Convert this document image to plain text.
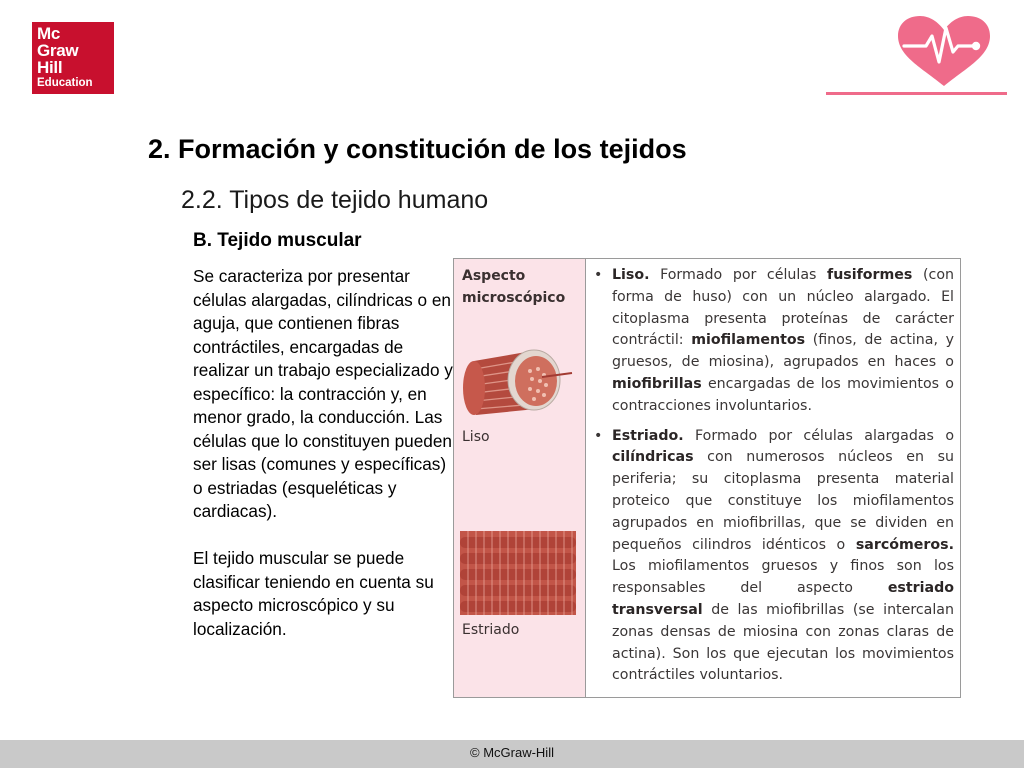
Mc
Graw
Hill
Education
2. Formación y constitución de los tejidos
2.2. Tipos de tejido humano
B. Tejido muscular

Se caracteriza por presentar células alargadas, cilíndricas o en aguja, que contienen fibras contráctiles, encargadas de realizar un trabajo especializado y específico: la contracción y, en menor grado, la conducción. Las células que lo constituyen pueden ser lisas (comunes y específicas) o estriadas (esqueléticas y cardiacas).

El tejido muscular se puede clasificar teniendo en cuenta su aspecto microscópico y su localización.

Aspecto
microscópico
Liso
Estriado
• Liso. Formado por células fusiformes (con forma de huso) con un núcleo alargado. El citoplasma presenta proteínas de carácter contráctil: miofilamentos (finos, de actina, y gruesos, de miosina), agrupados en haces o miofibrillas encargadas de los movimientos o contracciones involuntarios.
• Estriado. Formado por células alargadas o cilíndricas con numerosos núcleos en su periferia; su citoplasma presenta material proteico que constituye los miofilamentos agrupados en miofibrillas, que se dividen en pequeños cilindros idénticos o sarcómeros. Los miofilamentos gruesos y finos son los responsables del aspecto estriado transversal de las miofibrillas (se intercalan zonas densas de miosina con zonas claras de actina). Son los que ejecutan los movimientos contráctiles voluntarios.
© McGraw-Hill
